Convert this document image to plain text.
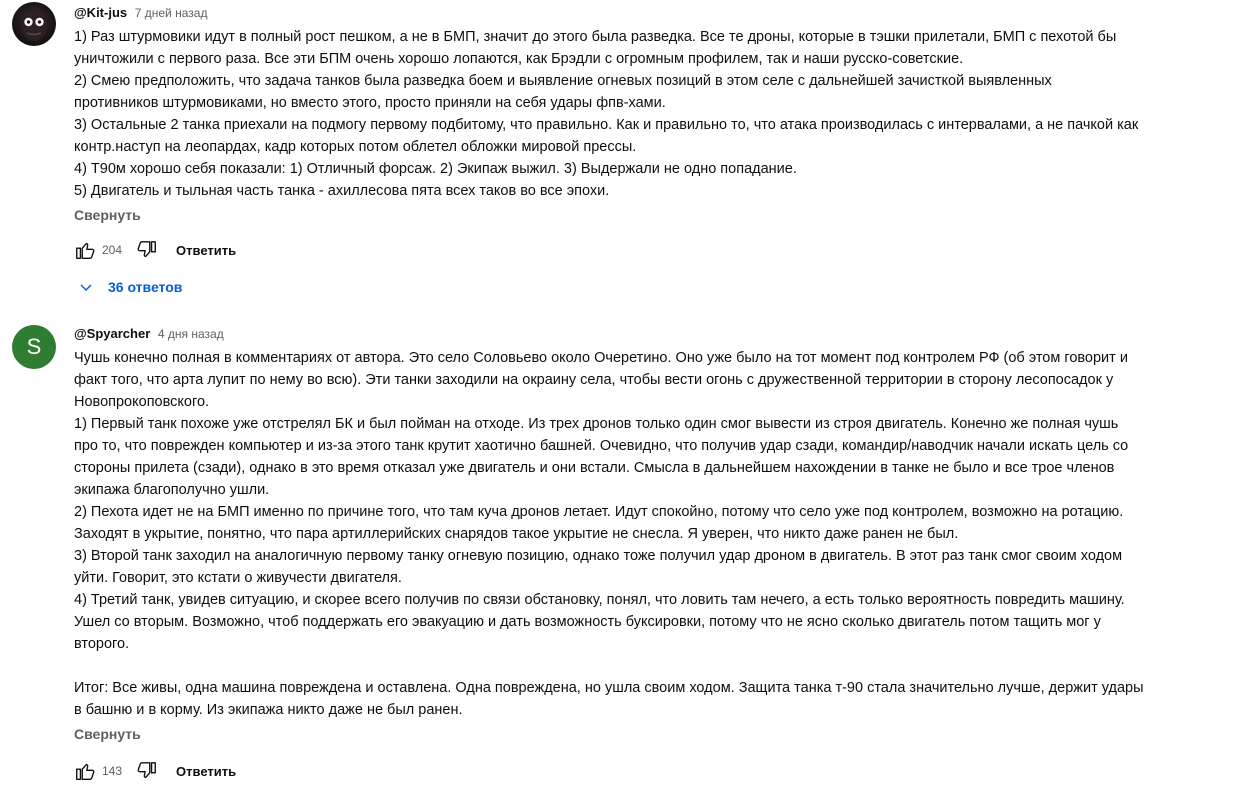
@Kit-jus 7 дней назад
1) Раз штурмовики идут в полный рост пешком, а не в БМП, значит до этого была разведка. Все те дроны, которые в тэшки прилетали, БМП с пехотой бы
уничтожили с первого раза. Все эти БПМ очень хорошо лопаются, как Брэдли с огромным профилем, так и наши русско-советские.
2) Смею предположить, что задача танков была разведка боем и выявление огневых позиций в этом селе с дальнейшей зачисткой выявленных
противников штурмовиками, но вместо этого, просто приняли на себя удары фпв-хами.
3) Остальные 2 танка приехали на подмогу первому подбитому, что правильно. Как и правильно то, что атака производилась с интервалами, а не пачкой как
контр.наступ на леопардах, кадр которых потом облетел обложки мировой прессы.
4) Т90м хорошо себя показали: 1) Отличный форсаж. 2) Экипаж выжил. 3) Выдержали не одно попадание.
5) Двигатель и тыльная часть танка - ахиллесова пята всех таков во все эпохи.
Свернуть
204	Ответить
36 ответов
S
@Spyarcher 4 дня назад
Чушь конечно полная в комментариях от автора. Это село Соловьево около Очеретино. Оно уже было на тот момент под контролем РФ (об этом говорит и
факт того, что арта лупит по нему во всю). Эти танки заходили на окраину села, чтобы вести огонь с дружественной территории в сторону лесопосадок у
Новопрокоповского.
1) Первый танк похоже уже отстрелял БК и был пойман на отходе. Из трех дронов только один смог вывести из строя двигатель. Конечно же полная чушь
про то, что поврежден компьютер и из-за этого танк крутит хаотично башней. Очевидно, что получив удар сзади, командир/наводчик начали искать цель со
стороны прилета (сзади), однако в это время отказал уже двигатель и они встали. Смысла в дальнейшем нахождении в танке не было и все трое членов
экипажа благополучно ушли.
2) Пехота идет не на БМП именно по причине того, что там куча дронов летает. Идут спокойно, потому что село уже под контролем, возможно на ротацию.
Заходят в укрытие, понятно, что пара артиллерийских снарядов такое укрытие не снесла. Я уверен, что никто даже ранен не был.
3) Второй танк заходил на аналогичную первому танку огневую позицию, однако тоже получил удар дроном в двигатель. В этот раз танк смог своим ходом
уйти. Говорит, это кстати о живучести двигателя.
4) Третий танк, увидев ситуацию, и скорее всего получив по связи обстановку, понял, что ловить там нечего, а есть только вероятность повредить машину.
Ушел со вторым. Возможно, чтоб поддержать его эвакуацию и дать возможность буксировки, потому что не ясно сколько двигатель потом тащить мог у
второго.
Итог: Все живы, одна машина повреждена и оставлена. Одна повреждена, но ушла своим ходом. Защита танка т-90 стала значительно лучше, держит удары
в башню и в корму. Из экипажа никто даже не был ранен.
Свернуть
143	Ответить
